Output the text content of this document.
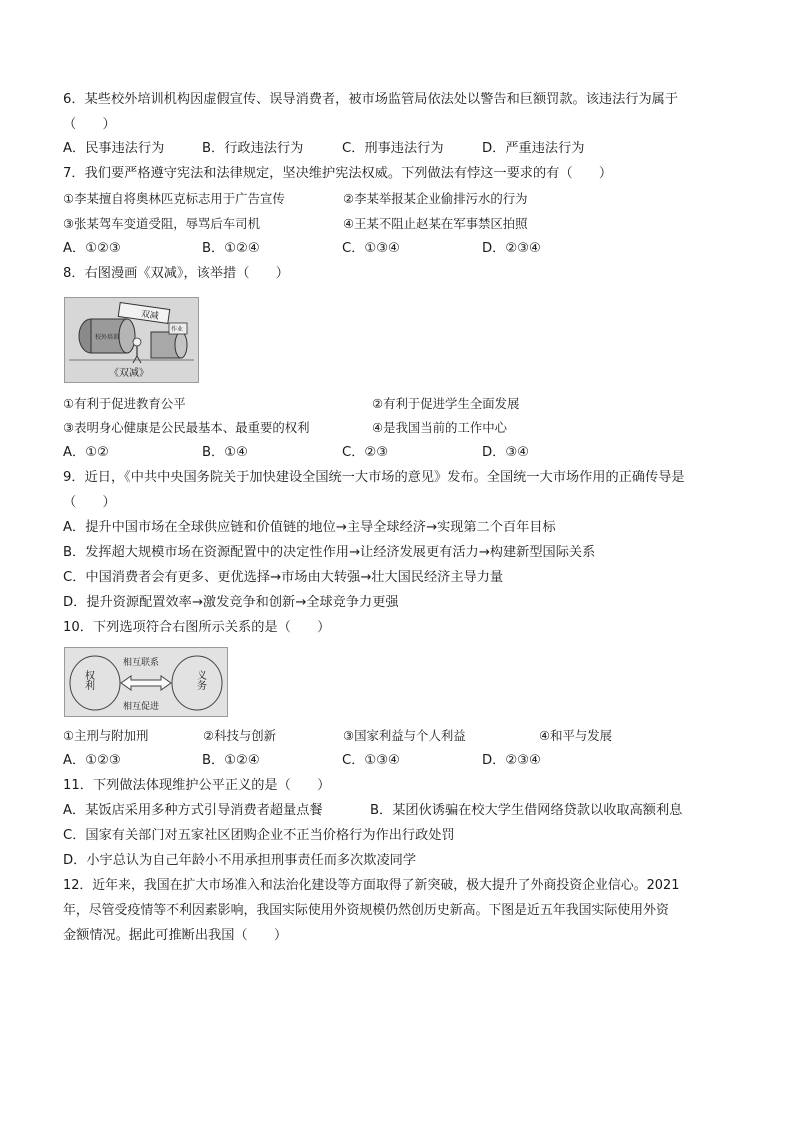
6．某些校外培训机构因虚假宣传、误导消费者，被市场监管局依法处以警告和巨额罚款。该违法行为属于
（　　）
A．民事违法行为	B．行政违法行为	C．刑事违法行为	D．严重违法行为
7．我们要严格遵守宪法和法律规定，坚决维护宪法权威。下列做法有悖这一要求的有（　　）
①李某擅自将奥林匹克标志用于广告宣传	②李某举报某企业偷排污水的行为
③张某驾车变道受阻，辱骂后车司机	④王某不阻止赵某在军事禁区拍照
A．①②③	B．①②④	C．①③④	D．②③④
8．右图漫画《双减》，该举措（　　）
双减
作业
校外培训
《双减》
①有利于促进教育公平	②有利于促进学生全面发展
③表明身心健康是公民最基本、最重要的权利	④是我国当前的工作中心
A．①②	B．①④	C．②③	D．③④
9．近日，《中共中央国务院关于加快建设全国统一大市场的意见》发布。全国统一大市场作用的正确传导是
（　　）
A．提升中国市场在全球供应链和价值链的地位→主导全球经济→实现第二个百年目标
B．发挥超大规模市场在资源配置中的决定性作用→让经济发展更有活力→构建新型国际关系
C．中国消费者会有更多、更优选择→市场由大转强→壮大国民经济主导力量
D．提升资源配置效率→激发竞争和创新→全球竞争力更强
10．下列选项符合右图所示关系的是（　　）
权利	义务
相互联系
相互促进
①主刑与附加刑	②科技与创新	③国家利益与个人利益	④和平与发展
A．①②③	B．①②④	C．①③④	D．②③④
11．下列做法体现维护公平正义的是（　　）
A．某饭店采用多种方式引导消费者超量点餐	B．某团伙诱骗在校大学生借网络贷款以收取高额利息
C．国家有关部门对五家社区团购企业不正当价格行为作出行政处罚
D．小宇总认为自己年龄小不用承担刑事责任而多次欺凌同学
12．近年来，我国在扩大市场准入和法治化建设等方面取得了新突破，极大提升了外商投资企业信心。2021
年，尽管受疫情等不利因素影响，我国实际使用外资规模仍然创历史新高。下图是近五年我国实际使用外资
金额情况。据此可推断出我国（　　）
